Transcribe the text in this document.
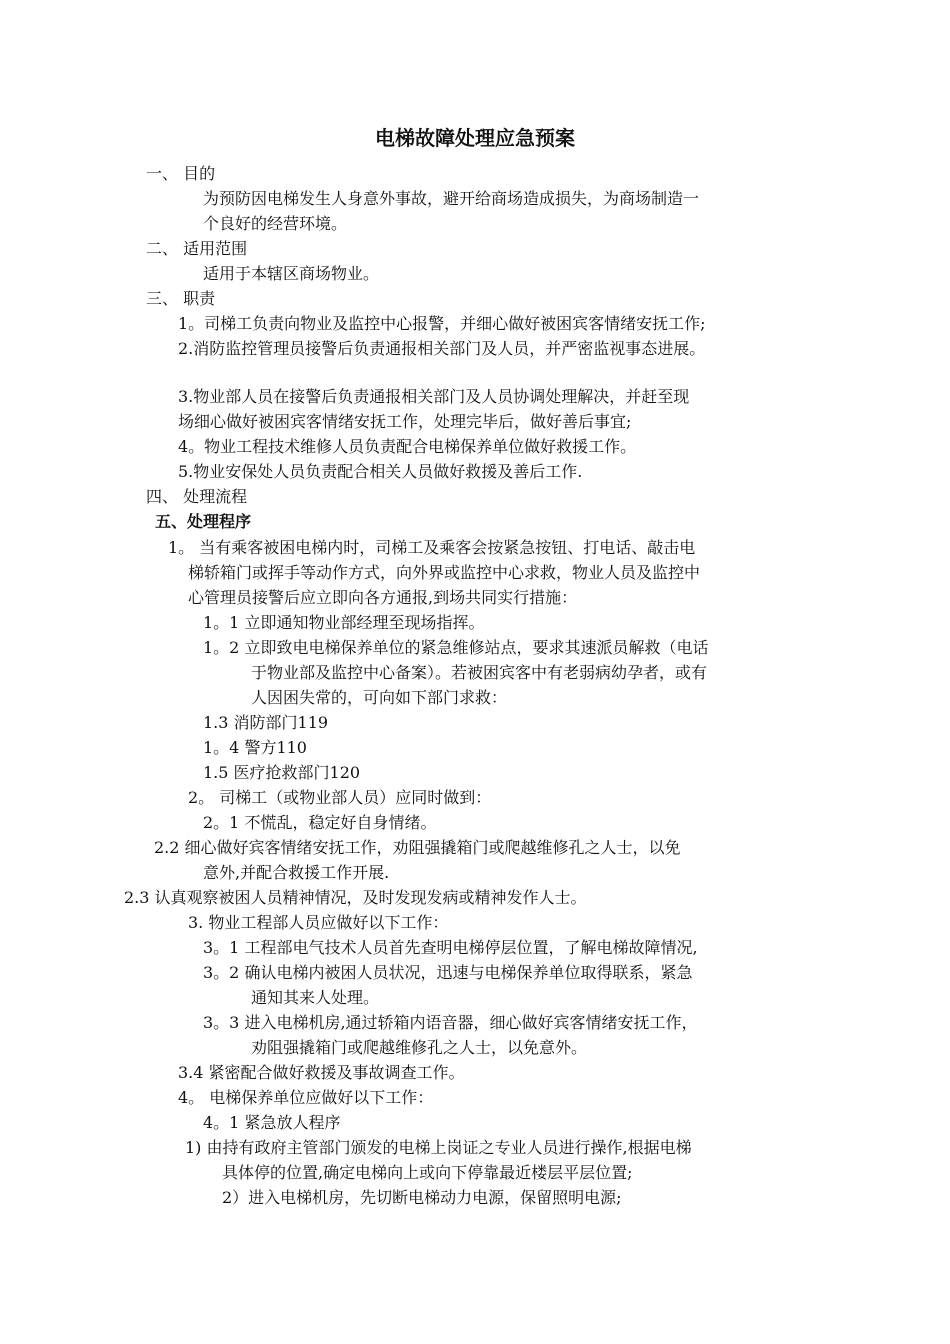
电梯故障处理应急预案

一、 目的

为预防因电梯发生人身意外事故，避开给商场造成损失，为商场制造一

个良好的经营环境。

二、 适用范围

适用于本辖区商场物业。

三、 职责

1。司梯工负责向物业及监控中心报警，并细心做好被困宾客情绪安抚工作;

2.消防监控管理员接警后负责通报相关部门及人员，并严密监视事态进展。

3.物业部人员在接警后负责通报相关部门及人员协调处理解决，并赶至现

场细心做好被困宾客情绪安抚工作，处理完毕后，做好善后事宜;

4。物业工程技术维修人员负责配合电梯保养单位做好救援工作。

5.物业安保处人员负责配合相关人员做好救援及善后工作.

四、 处理流程

五、处理程序

1。 当有乘客被困电梯内时，司梯工及乘客会按紧急按钮、打电话、敲击电

梯轿箱门或挥手等动作方式，向外界或监控中心求救，物业人员及监控中

心管理员接警后应立即向各方通报,到场共同实行措施：

1。1 立即通知物业部经理至现场指挥。

1。2 立即致电电梯保养单位的紧急维修站点，要求其速派员解救（电话

于物业部及监控中心备案）。若被困宾客中有老弱病幼孕者，或有

人因困失常的，可向如下部门求救：

1.3 消防部门119

1。4 警方110

1.5 医疗抢救部门120

2。 司梯工（或物业部人员）应同时做到：

2。1 不慌乱，稳定好自身情绪。

2.2 细心做好宾客情绪安抚工作，劝阻强撬箱门或爬越维修孔之人士，以免

意外,并配合救援工作开展.

2.3 认真观察被困人员精神情况，及时发现发病或精神发作人士。

3. 物业工程部人员应做好以下工作：

3。1 工程部电气技术人员首先查明电梯停层位置，了解电梯故障情况,

3。2 确认电梯内被困人员状况，迅速与电梯保养单位取得联系，紧急

通知其来人处理。

3。3 进入电梯机房,通过轿箱内语音器，细心做好宾客情绪安抚工作，

劝阻强撬箱门或爬越维修孔之人士，以免意外。

3.4 紧密配合做好救援及事故调查工作。

4。 电梯保养单位应做好以下工作：

4。1 紧急放人程序

1) 由持有政府主管部门颁发的电梯上岗证之专业人员进行操作,根据电梯

具体停的位置,确定电梯向上或向下停靠最近楼层平层位置;

2）进入电梯机房，先切断电梯动力电源，保留照明电源;
